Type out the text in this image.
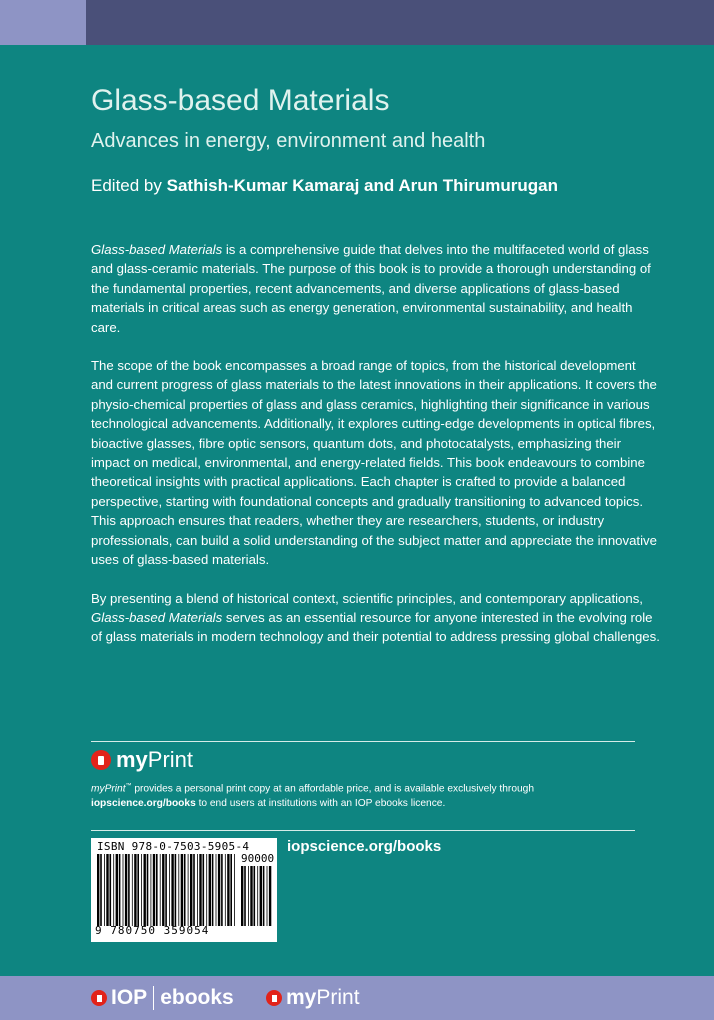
Glass-based Materials
Advances in energy, environment and health
Edited by Sathish-Kumar Kamaraj and Arun Thirumurugan

Glass-based Materials is a comprehensive guide that delves into the multifaceted world of glass and glass-ceramic materials. The purpose of this book is to provide a thorough understanding of the fundamental properties, recent advancements, and diverse applications of glass-based materials in critical areas such as energy generation, environmental sustainability, and health care.

The scope of the book encompasses a broad range of topics, from the historical development and current progress of glass materials to the latest innovations in their applications. It covers the physio-chemical properties of glass and glass ceramics, highlighting their significance in various technological advancements. Additionally, it explores cutting-edge developments in optical fibres, bioactive glasses, fibre optic sensors, quantum dots, and photocatalysts, emphasizing their impact on medical, environmental, and energy-related fields. This book endeavours to combine theoretical insights with practical applications. Each chapter is crafted to provide a balanced perspective, starting with foundational concepts and gradually transitioning to advanced topics. This approach ensures that readers, whether they are researchers, students, or industry professionals, can build a solid understanding of the subject matter and appreciate the innovative uses of glass-based materials.

By presenting a blend of historical context, scientific principles, and contemporary applications, Glass-based Materials serves as an essential resource for anyone interested in the evolving role of glass materials in modern technology and their potential to address pressing global challenges.

myPrint
myPrint™ provides a personal print copy at an affordable price, and is available exclusively through
iopscience.org/books to end users at institutions with an IOP ebooks licence.
ISBN 978-0-7503-5905-4
90000
9 780750 359054
iopscience.org/books
IOP ebooks myPrint
